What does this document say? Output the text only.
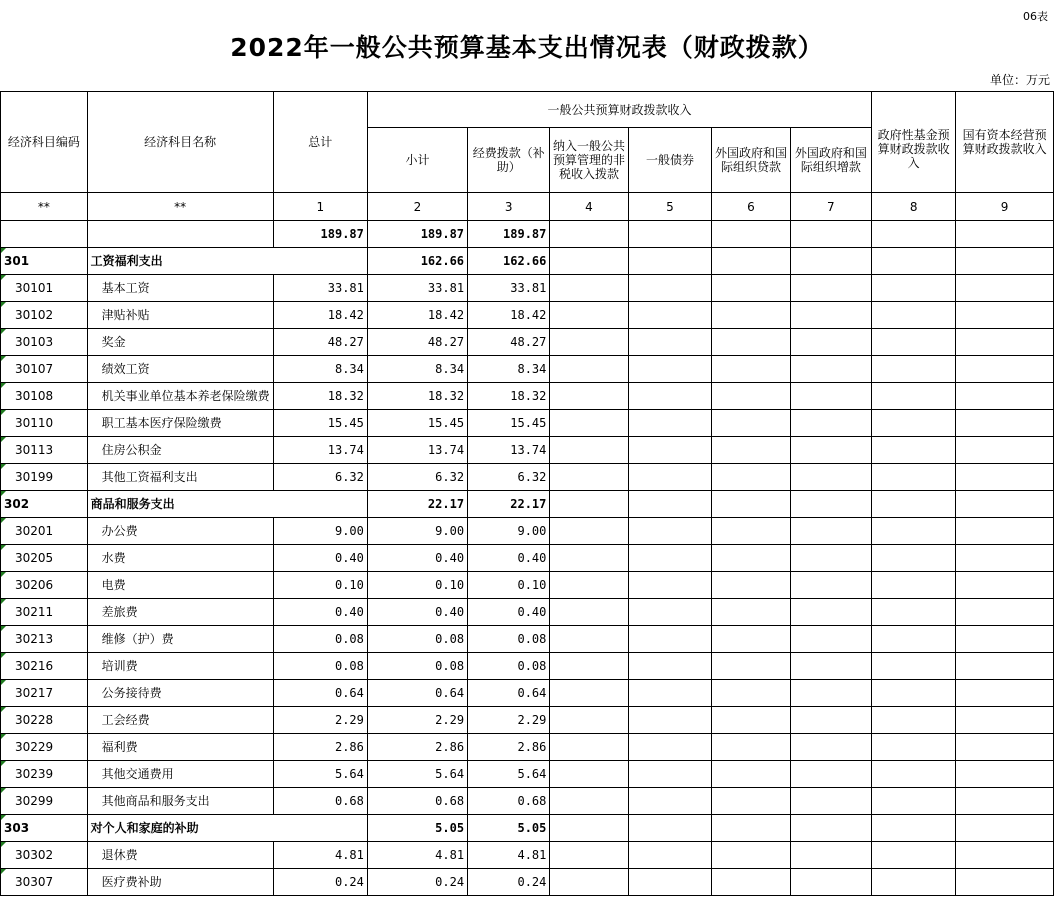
06表
2022年一般公共预算基本支出情况表（财政拨款）
单位：万元
经济科目编码	经济科目名称	总计	一般公共预算财政拨款收入						政府性基金预算财政拨款收入	国有资本经营预算财政拨款收入
			小计	经费拨款（补助）	纳入一般公共预算管理的非税收入拨款	一般债券	外国政府和国际组织贷款	外国政府和国际组织增款		
**	**	1	2	3	4	5	6	7	8	9
		189.87	189.87	189.87						
301	工资福利支出		162.66	162.66						
30101	基本工资	33.81	33.81	33.81						
30102	津贴补贴	18.42	18.42	18.42						
30103	奖金	48.27	48.27	48.27						
30107	绩效工资	8.34	8.34	8.34						
30108	机关事业单位基本养老保险缴费	18.32	18.32	18.32						
30110	职工基本医疗保险缴费	15.45	15.45	15.45						
30113	住房公积金	13.74	13.74	13.74						
30199	其他工资福利支出	6.32	6.32	6.32						
302	商品和服务支出		22.17	22.17						
30201	办公费	9.00	9.00	9.00						
30205	水费	0.40	0.40	0.40						
30206	电费	0.10	0.10	0.10						
30211	差旅费	0.40	0.40	0.40						
30213	维修（护）费	0.08	0.08	0.08						
30216	培训费	0.08	0.08	0.08						
30217	公务接待费	0.64	0.64	0.64						
30228	工会经费	2.29	2.29	2.29						
30229	福利费	2.86	2.86	2.86						
30239	其他交通费用	5.64	5.64	5.64						
30299	其他商品和服务支出	0.68	0.68	0.68						
303	对个人和家庭的补助		5.05	5.05						
30302	退休费	4.81	4.81	4.81						
30307	医疗费补助	0.24	0.24	0.24						
